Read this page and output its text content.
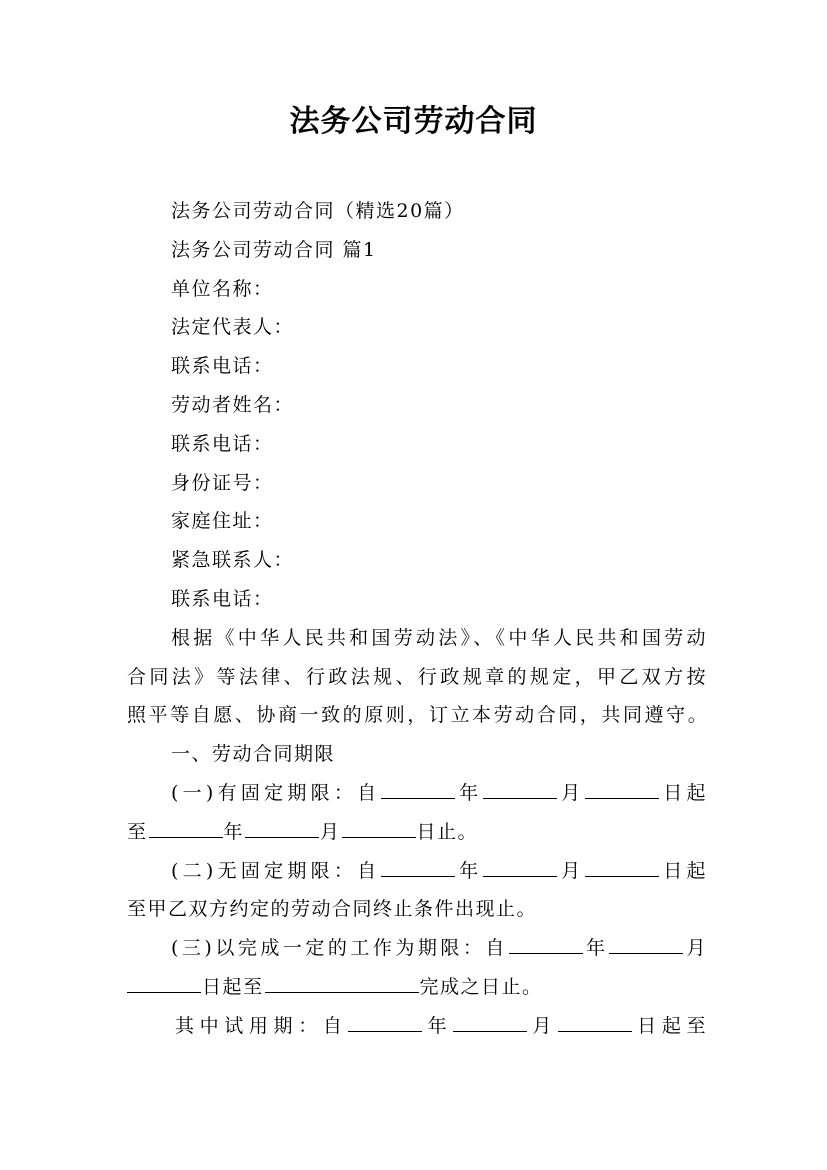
法务公司劳动合同
法务公司劳动合同（精选20篇）
法务公司劳动合同 篇1
单位名称：
法定代表人：
联系电话：
劳动者姓名：
联系电话：
身份证号：
家庭住址：
紧急联系人：
联系电话：
根据《中华人民共和国劳动法》、《中华人民共和国劳动
合同法》等法律、行政法规、行政规章的规定，甲乙双方按
照平等自愿、协商一致的原则，订立本劳动合同，共同遵守。
一、劳动合同期限
(一)有固定期限：自	年	月	日起
至	年	月	日止。
(二)无固定期限：自	年	月	日起
至甲乙双方约定的劳动合同终止条件出现止。
(三)以完成一定的工作为期限：自	年	月
日起至	完成之日止。
其中试用期：自	年	月	日起至
